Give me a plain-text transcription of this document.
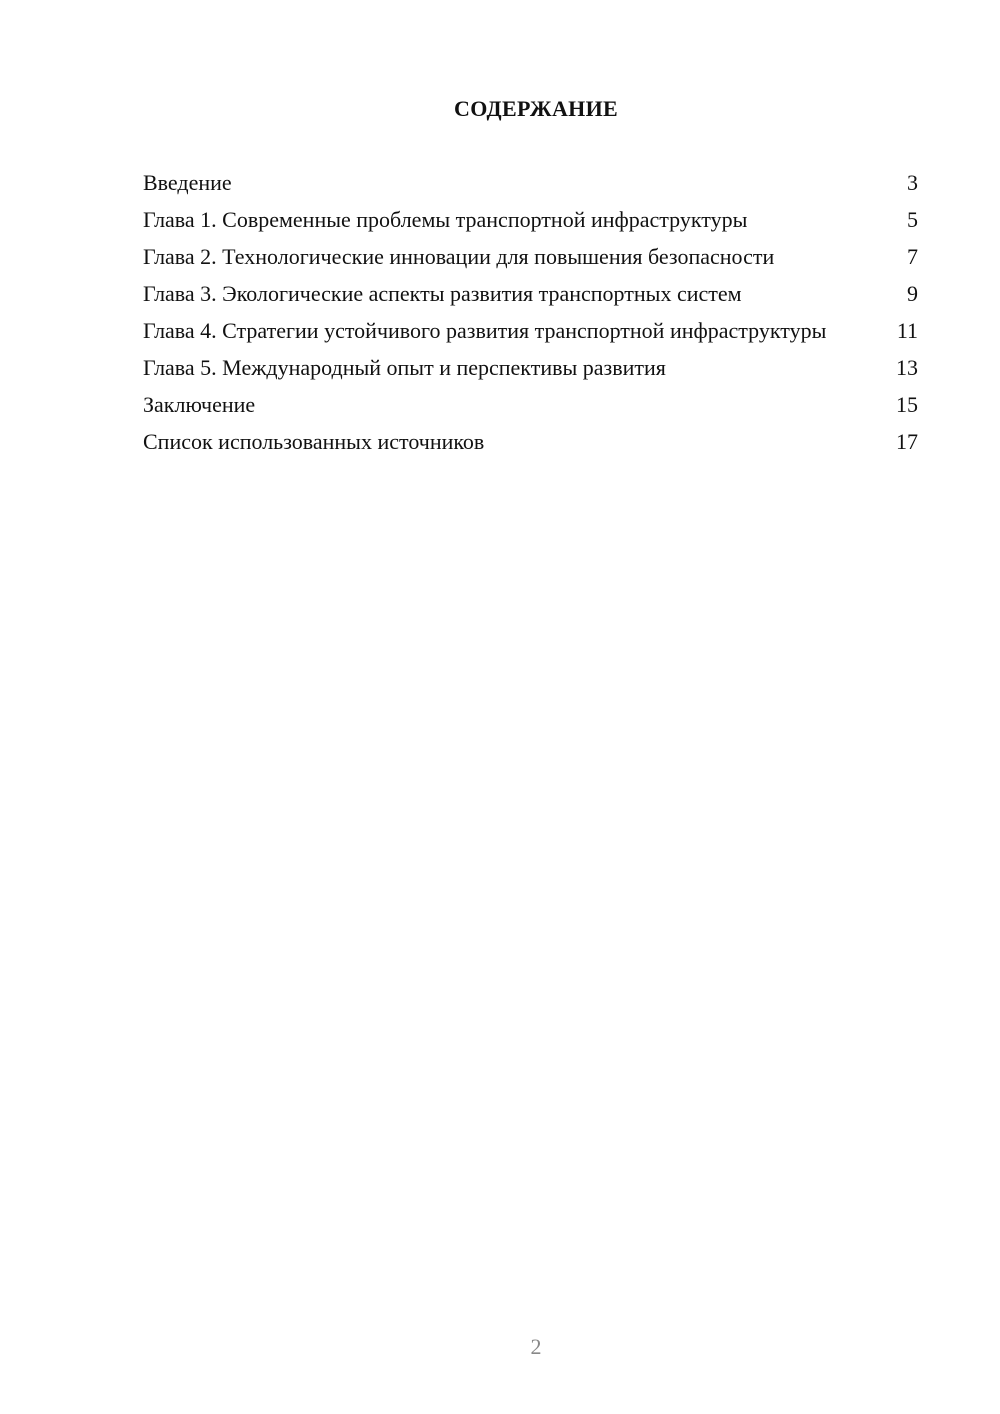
СОДЕРЖАНИЕ
Введение	3
Глава 1. Современные проблемы транспортной инфраструктуры	5
Глава 2. Технологические инновации для повышения безопасности	7
Глава 3. Экологические аспекты развития транспортных систем	9
Глава 4. Стратегии устойчивого развития транспортной инфраструктуры	11
Глава 5. Международный опыт и перспективы развития	13
Заключение	15
Список использованных источников	17
2
